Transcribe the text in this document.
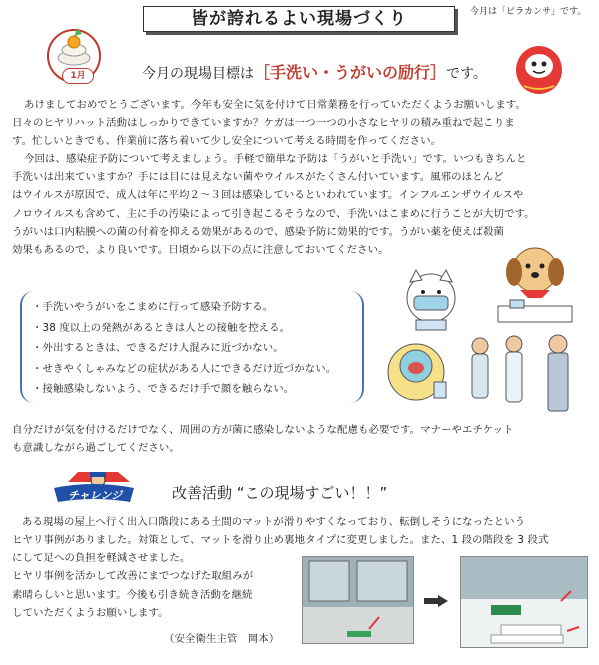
皆が誇れるよい現場づくり	今月は「ピラカンサ」です。
1月	今月の現場目標は［手洗い・うがいの励行］です。
あけましておめでとうございます。今年も安全に気を付けて日常業務を行っていただくようお願いします。
日々のヒヤリハット活動はしっかりできていますか？ケガは一つ一つの小さなヒヤリの積み重ねで起こりま
す。忙しいときでも、作業前に落ち着いて少し安全について考える時間を作ってください。
今回は、感染症予防について考えましょう。手軽で簡単な予防は「うがいと手洗い」です。いつもきちんと
手洗いは出来ていますか？手には目には見えない菌やウイルスがたくさん付いています。風邪のほとんど
はウイルスが原因で、成人は年に平均２〜３回は感染しているといわれています。インフルエンザウイルスや
ノロウイルスも含めて、主に手の汚染によって引き起こるそうなので、手洗いはこまめに行うことが大切です。
うがいは口内粘膜への菌の付着を抑える効果があるので、感染予防に効果的です。うがい薬を使えば殺菌
効果もあるので、より良いです。日頃から以下の点に注意しておいてください。
・手洗いやうがいをこまめに行って感染予防する。
・38 度以上の発熱があるときは人との接触を控える。
・外出するときは、できるだけ人混みに近づかない。
・せきやくしゃみなどの症状がある人にできるだけ近づかない。
・接触感染しないよう、できるだけ手で顔を触らない。
自分だけが気を付けるだけでなく、周囲の方が菌に感染しないような配慮も必要です。マナーやエチケット
も意識しながら過ごしてください。
チャレンジ	改善活動 “この現場すごい！！”
ある現場の屋上へ行く出入口階段にある土間のマットが滑りやすくなっており、転倒しそうになったという
ヒヤリ事例がありました。対策として、マットを滑り止め裏地タイプに変更しました。また、1 段の階段を 3 段式
にして足への負担を軽減させました。
ヒヤリ事例を活かして改善にまでつなげた取組みが
素晴らしいと思います。今後も引き続き活動を継続
していただくようお願いします。
（安全衛生主管　岡本）
